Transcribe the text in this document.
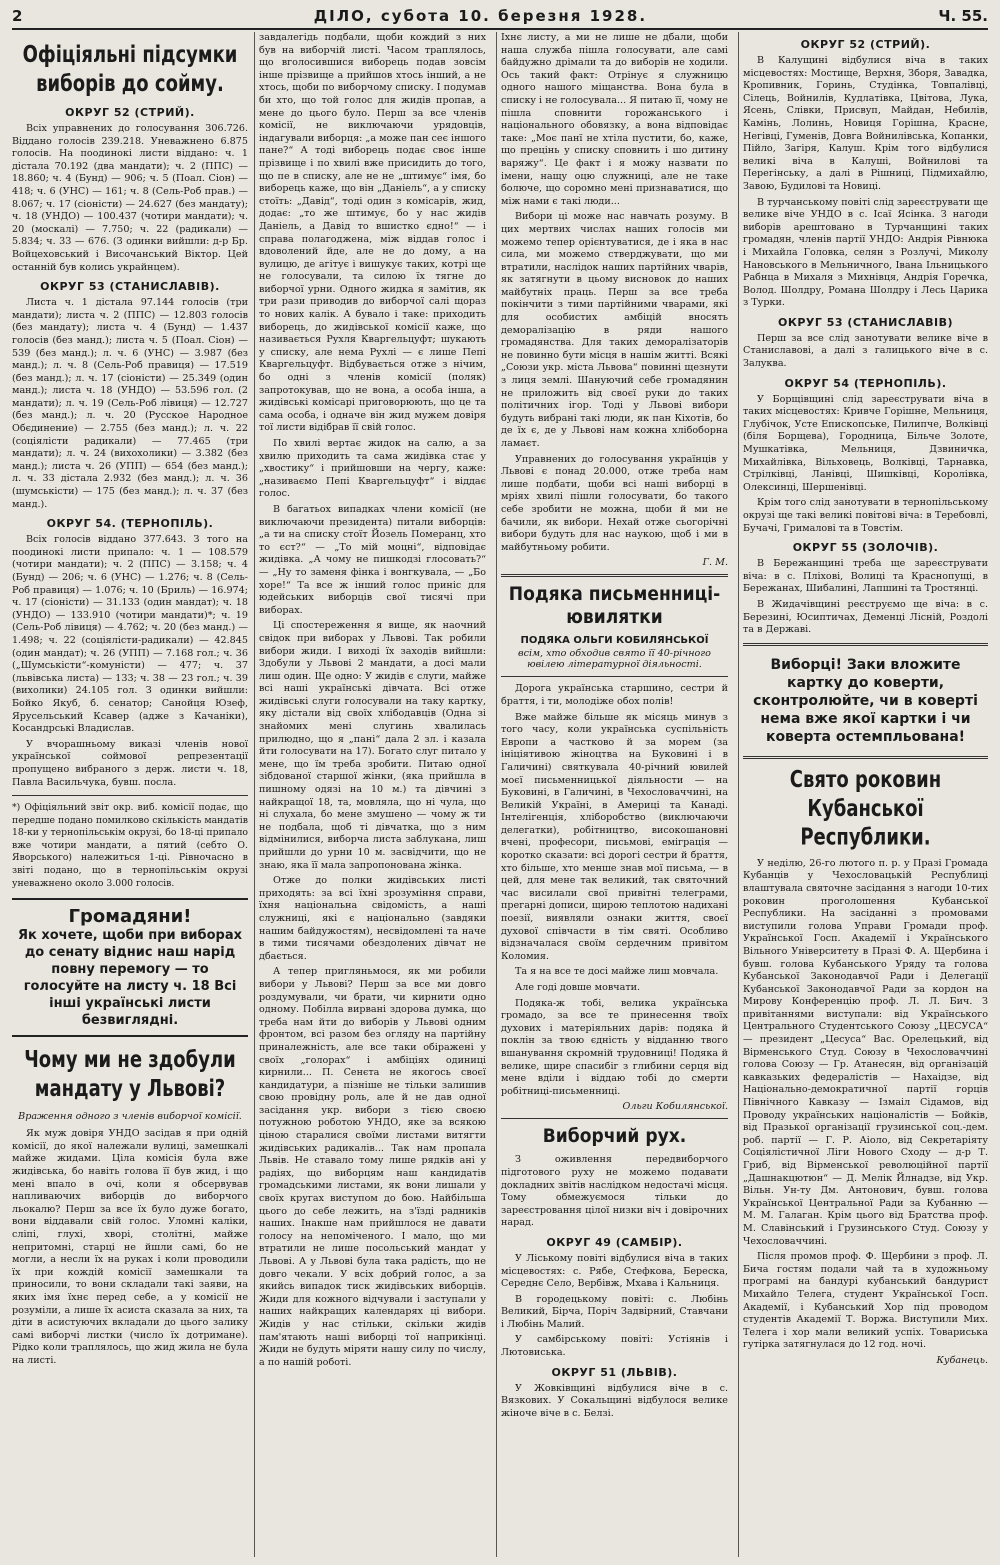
2	ДІЛО, субота 10. березня 1928.	Ч. 55.
Офіціяльні підсумки виборів до сойму.
ОКРУГ 52 (СТРИЙ).

Всіх управнених до голосування 306.726. Віддано голосів 239.218. Уневажнено 6.875 голосів. На поодинокі листи віддано: ч. 1 дістала 70.192 (два мандати); ч. 2 (ППС) — 18.860; ч. 4 (Бунд) — 906; ч. 5 (Поал. Сіон) — 418; ч. 6 (УНС) — 161; ч. 8 (Сель-Роб прав.) — 8.067; ч. 17 (сіоністи) — 24.627 (без мандату); ч. 18 (УНДО) — 100.437 (чотири мандати); ч. 20 (москалі) — 7.750; ч. 22 (радикали) — 5.834; ч. 33 — 676. (З одинки вийшли: д-р Бр. Войцеховський і Височанський Віктор. Цей останній був колись украйнцем).

ОКРУГ 53 (СТАНИСЛАВІВ).

Листа ч. 1 дістала 97.144 голосів (три мандати); листа ч. 2 (ППС) — 12.803 голосів (без мандату); листа ч. 4 (Бунд) — 1.437 голосів (без манд.); листа ч. 5 (Поал. Сіон) — 539 (без манд.); л. ч. 6 (УНС) — 3.987 (без манд.); л. ч. 8 (Сель-Роб правиця) — 17.519 (без манд.); л. ч. 17 (сіоністи) — 25.349 (один манд.); листа ч. 18 (УНДО) — 53.596 гол. (2 мандати); л. ч. 19 (Сель-Роб лівиця) — 12.727 (без манд.); л. ч. 20 (Русское Народное Обєдинение) — 2.755 (без манд.); л. ч. 22 (соціялісти радикали) — 77.465 (три мандати); л. ч. 24 (вихохолики) — 3.382 (без манд.); листа ч. 26 (УПП) — 654 (без манд.); л. ч. 33 дістала 2.932 (без манд.); л. ч. 36 (шумськісти) — 175 (без манд.); л. ч. 37 (без манд.).

ОКРУГ 54. (ТЕРНОПІЛЬ).

Всіх голосів віддано 377.643. З того на поодинокі листи припало: ч. 1 — 108.579 (чотири мандати); ч. 2 (ППС) — 3.158; ч. 4 (Бунд) — 206; ч. 6 (УНС) — 1.276; ч. 8 (Сель-Роб правиця) — 1.076; ч. 10 (Бриль) — 16.974; ч. 17 (сіоністи) — 31.133 (один мандат); ч. 18 (УНДО) — 133.910 (чотири мандати)*; ч. 19 (Сель-Роб лівиця) — 4.762; ч. 20 (без манд.) — 1.498; ч. 22 (соціялісти-радикали) — 42.845 (один мандат); ч. 26 (УПП) — 7.168 гол.; ч. 36 („Шумськісти“-комуністи) — 477; ч. 37 (львівська листа) — 133; ч. 38 — 23 гол.; ч. 39 (вихолики) 24.105 гол. З одинки вийшли: Бойко Якуб, б. сенатор; Санойця Юзеф, Ярусельський Ксавер (адже з Качаніки), Косандрські Владислав.

У вчорашньому виказі членів нової української соймової репрезентації пропущено вибраного з держ. листи ч. 18, Павла Васильчука, бувш. посла.

*) Офіціяльний звіт окр. виб. комісії подає, що передше подано помилково скількість мандатів 18-ки у тернопільськім окрузі, бо 18-ці припало вже чотири мандати, а пятий (себто О. Яворського) належиться 1-ці. Рівночасно в звіті подано, що в тернопільськім окрузі уневажнено около 3.000 голосів.

Громадяни!
Як хочете, щоби при виборах до сенату віднис наш нарід повну перемогу — то голосуйте на листу ч. 18 Всі інші українські листи безвиглядні.
Чому ми не здобули мандату у Львові?
Враження одного з членів виборчої комісії.

Як муж довіря УНДО засідав я при одній комісії, до якої належали вулиці, замешкалі майже жидами. Ціла комісія була вже жидівська, бо навіть голова її був жид, і що мені впало в очі, коли я обсервував напливаючих виборців до виборчого льокалю? Перш за все їх було дуже богато, вони віддавали свій голос. Уломні каліки, сліпі, глухі, хворі, столітні, майже непритомні, старці не йшли самі, бо не могли, а несли їх на руках і коли проводили їх при кождій комісії замешкали та приносили, то вони складали такі заяви, на яких імя їхнє перед себе, а у комісії не розуміли, а лише їх асиста сказала за них, та діти в асистуючих вкладали до цього залику самі виборчі листки (число їх дотримане). Рідко коли траплялось, що жид жила не була на листі.

завдалегідь подбали, щоби кождий з них був на виборчій листі. Часом траплялось, що вголосившися виборець подав зовсім інше прізвище а прийшов хтось інший, а не хтось, щоби по виборчому списку. І подумав би хто, що той голос для жидів пропав, а мене до цього було. Перш за все членів комісії, не виключаючи урядовців, індагували виборця: „а може пан сеє іншого пане?“ А тоді виборець подає своє інше прізвище і по хвилі вже присидить до того, що пе в списку, але не не „штимує“ імя, бо виборець каже, що він „Даніель“, а у спискy стоїть: „Давід“, тоді один з комісарів, жид, додає: „то же штимує, бо у нас жидів Даніель, а Давід то вшистко єдно!“ — і справа полагоджена, між віддав голос і вдоволений йде, але не до дому, а на вулицю, де агітує і вишукує таких, котрі ще не голосували, та силою їх тягне до виборчої урни. Одного жидка я замітив, як три рази приводив до виборчої салі щораз то нових калік. А бувало і таке: приходить виборець, до жидівської комісії каже, що називається Рухля Кваргельцуфт; шукають у списку, але нема Рухлі — є лише Пепі Кваргельцуфт. Відбувається отже з нічим, бо одні з членів комісії (поляк) запротокував, що не вона, а особа інша, а жидівські комісарі приговорюють, що це та сама особа, і одначе він жид мужем довіря тої листи відібрав її свій голос.

По хвилі вертає жидок на салю, а за хвилю приходить та сама жидівка стає у „хвостику“ і прийшовши на чергу, каже: „називаємо Пепі Кваргельцуфт“ і віддає голос.

В багатьох випадках члени комісії (не виключаючи президента) питали виборців: „а ти на спискy стоїт Йозель Померанц, хто то єст?“ — „То мій моцні“, відповідає жидівка. „А чому не пишкодзі глосовать?“ — „Ну то заменя фінка і вонгкувала, — „Бо хоре!“ Та все ж інший голос приніс для юдейських виборців свої тисячі при виборах.

Ці спостереження я вище, як наочний свідок при виборах у Львові. Так робили вибори жиди. І виході їх заходів вийшли: Здобули у Львові 2 мандати, а досі мали лиш один. Ще одно: У жидів є слуги, майже всі наші українські дівчата. Всі отже жидівські слуги голосували на таку картку, яку дістали від своїх хлібодавців (Одна зі знайомих мені слугинь хвалилась прилюдно, що я „пані“ дала 2 зл. і казала йти голосувати на 17). Богато слуг питало у мене, що їм треба зробити. Питаю одної зібдованої старшої жінки, (яка прийшла в пишному одязі на 10 м.) та дівчині з найкращої 18, та, мовляла, що ні чула, що ні слухала, бо мене змушено — чому ж ти не подбала, щоб ті дівчатка, що з ним відмінилися, виборча листа заблукана, лиш прийшли до урни 10 м. засвідчити, що не знаю, яка її мала запропонована жінка.

Отже до полки жидівських листі приходять: за всі їхні зрозуміння справи, їхня національна свідомість, а наші служниці, які є національно (завдяки нашим байдужостям), несвідомлені та наче в тими тисячами обездолених дівчат не дбається.

А тепер пригляньмося, як ми робили вибори у Львові? Перш за все ми довго роздумували, чи брати, чи кирнити одно одному. Побілла вирвані здорова думка, що треба нам йти до виборів у Львові одним фронтом, всі разом без огляду на партійну приналежність, але все таки обіражені у своїх „голорах“ і амбіціях одиниці кирнили... П. Сенєта не якогось своєї кандидатури, а пізніше не тільки залишив свою провідну роль, але й не дав одної засідання укр. вибори з тією своєю потужною роботою УНДО, яке за всякою ціною старалися своїми листами витягти жидівських радикалів... Так нам пропала Львів. Не ставало тому лише рядків ані у радіях, що виборцям наш кандидатів громадськими листами, як вони лишали у своїх кругах виступом до бою. Найбільша цього до себе лежить, на з'їзді радників наших. Інакше нам прийшлося не давати голосу на непоміченого. І мало, що ми втратили не лише посольський мандат у Львові. А у Львові була така радість, що не довго чекали. У всіх добрий голос, а за якийсь випадок тиск жидівських виборців. Жиди для кожного відчували і заступали у наших найкращих календарях ці вибори. Жидів у нас стільки, скільки жидів пам'ятають наші виборці тої наприкінці. Жиди не будуть міряти нашу силу по числу, а по нашій роботі.

Іхнє листу, а ми не лише не дбали, щоби наша служба пішла голосувати, але самі байдужно дрімали та до виборів не ходили. Ось такий факт: Отрінує я служницю одного нашого міщанства. Вона була в спискy і не голосувала... Я питаю її, чому не пішла сповнити горожанського і національного обовязку, а вона відповідає таке: „Моє панї не хтіла пустити, бо, каже, що прецінь у спискy сповнить і шо дитину варяжу“. Це факт і я можу назвати по імени, нащу оцю служниці, але не таке болюче, що соромно мені признаватися, що між нами є такі люди...

Вибори ці може нас навчать розуму. В цих мертвих числах наших голосів ми можемо тепер орієнтуватися, де і яка в нас сила, ми можемо стверджувати, що ми втратили, наслідок наших партійних чварів, як затягнути в цьому висновок до наших майбутніх праць. Перш за все треба покінчити з тими партійними чварами, які для особистих амбіцій вносять деморалізацію в ряди нашого громадянства. Для таких деморалізаторів не повинно бути місця в нашім житті. Всякі „Союзи укр. міста Львова“ повинні щезнути з лиця землі. Шануючий себе громадянин не приложить від своєї руки до таких політичних ігор. Тоді у Львові вибори будуть вибрані такі люди, як пан Кіхотів, бо де їх є, де у Львові нам кожна хлібоборна ламаєт.

Управнених до голосування українців у Львові є понад 20.000, отже треба нам лише подбати, щоби всі наші виборці в мріях хвилі пішли голосувати, бо такого себе зробити не можна, щоби й ми не бачили, як вибори. Нехай отже сьогорічні вибори будуть для нас наукою, щоб і ми в майбутньому робити.

Г. М.
Подяка письменниці-ювилятки
ПОДЯКА ОЛЬГИ КОБИЛЯНСЬКОЇ
всім, хто обходив свято її 40-річного ювілею літературної діяльності.

Дорога українська старшино, сестри й браття, і ти, молодіже обох полів!

Вже майже більше як місяць минув з того часу, коли українська суспільність Европи а частково й за морем (за ініціятивою жіноцтва на Буковині і в Галичині) святкувала 40-річний ювилей моєї письменницької діяльности — на Буковині, в Галичині, в Чехословаччині, на Великій Україні, в Америці та Канаді. Інтелігенція, хліборобство (виключаючи делегатки), робітництво, високошановні вчені, професори, письмові, еміграція — коротко сказати: всі дорогі сестри й браття, хто більше, хто менше знав мої письма, — в цей, для мене так великий, так святочний час висилали свої привітні телеграми, прегарні дописи, щирою теплотою надихані поезії, виявляли ознаки життя, своєї духової співчасти в тім святі. Особливо відзначалася своїм сердечним привітом Коломия.

Та я на все те досі майже лиш мовчала.

Але годі довше мовчати.

Подяка-ж тобі, велика українська громадо, за все те принесення твоїх духових і матеріяльних дарів: подяка й поклін за твою єдність у відданню твого вшанування скромній трудовниці! Подяка й велике, щире спасибіг з глибини серця від мене вділи і віддаю тобі до смерти робітниці-письменниці.

Ольги Кобилянської.
Виборчий рух.

З оживлення передвиборчого підготового руху не можемо подавати докладних звітів наслідком недостачі місця. Тому обмежуємося тільки до зареєстровання цілої низки віч і довірочних нарад.

ОКРУГ 49 (САМБІР).

У Ліському повіті відбулися віча в таких місцевостях: с. Рябе, Стефкова, Береска, Середнє Село, Вербівж, Мхава і Кальниця.

В городецькому повіті: с. Любінь Великий, Бірча, Поріч Задвірний, Ставчани і Любінь Малий.

У самбірському повіті: Устіянів і Лютовиська.

ОКРУГ 51 (ЛЬВІВ).

У Жовківщині відбулися віче в с. Вязкових. У Сокальщині відбулося велике жіноче віче в с. Белзі.

ОКРУГ 52 (СТРИЙ).

В Калущині відбулися віча в таких місцевостях: Мостище, Верхня, Зборя, Завадка, Кропивник, Горинь, Студінка, Товпалівці, Сілець, Войнилів, Кудлатівка, Цвітова, Лука, Ясень, Слівки, Присвуп, Майдан, Небилів, Камінь, Лолинь, Новиця Горішна, Красне, Негівці, Гуменів, Довга Войнилівська, Копанки, Пійло, Загіря, Калуш. Крім того відбулися великі віча в Калуші, Войнилові та Перегінську, а далі в Рішниці, Підмихайлю, Завою, Будилові та Новиці.

В турчанському повіті слід зареєструвати ще велике віче УНДО в с. Ісаї Ясінка. З нагоди виборів арештовано в Турчанщині таких громадян, членів партії УНДО: Андрія Рівнюка і Михайла Головка, селян з Розлучі, Миколу Нановського в Мельничного, Івана Ільницького Рабнца в Михаля з Михнівця, Андрія Горечка, Волод. Шолдру, Романа Шолдру і Лесь Царика з Турки.

ОКРУГ 53 (СТАНИСЛАВІВ)

Перш за все слід занотувати велике віче в Станиславові, а далі з галицького віче в с. Залуква.

ОКРУГ 54 (ТЕРНОПІЛЬ).

У Борщівщині слід зареєструвати віча в таких місцевостях: Кривче Горішне, Мельниця, Глубічок, Усте Епископське, Пилипче, Волківці (біля Борщева), Городница, Більче Золоте, Мушкатівка, Мельниця, Дзвиничка, Михайлівка, Вільховець, Волківці, Тарнавка, Стрілківці, Ланівці, Шишківці, Королівка, Олексинці, Шершенівці.

Крім того слід занотувати в тернопільському окрузі ще такі великі повітові віча: в Теребовлі, Бучачі, Грималові та в Товстім.

ОКРУГ 55 (ЗОЛОЧІВ).

В Бережанщині треба ще зареєструвати віча: в с. Пліхові, Волиці та Краснопущі, в Бережанах, Шибалині, Лапшині та Тростянці.

В Жидачівщині реєструємо ще віча: в с. Березині, Юсиптичах, Деменці Лісній, Роздолі та в Державі.

Виборці! Заки вложите картку до коверти, сконтролюйте, чи в коверті нема вже якої картки і чи коверта остемпльована!
Свято роковин Кубанської Республики.

У неділю, 26-го лютого п. р. у Празі Громада Кубанців у Чехословацькій Республиці влаштувала святочне засідання з нагоди 10-тих роковин проголошення Кубанської Республики. На засіданні з промовами виступили голова Управи Громади проф. Української Госп. Академії і Українського Вільного Університету в Празі Ф. А. Щербина і бувш. голова Кубанського Уряду та голова Кубанської Законодавчої Ради і Делегації Кубанської Законодавчої Ради за кордон на Мирову Конференцію проф. Л. Л. Бич. З привітаннями виступали: від Українського Центрального Студентського Союзу „ЦЕСУСА“ — президент „Цесуса“ Вас. Орелецький, від Вірменського Студ. Союзу в Чехословаччині голова Союзу — Гр. Атанесян, від організацій кавказьких федералістів — Нахаідзе, від Національно-демократичної партії горців Північного Кавказу — Ізмаіл Сідамов, від Проводу українських націоналістів — Бойків, від Празької організації грузинської соц.-дем. роб. партії — Г. Р. Аіоло, від Секретаріяту Соціялістичної Ліги Нового Сходу — д-р Т. Гриб, від Вірменської революційної партії „Дашнакцютюн“ — Д. Мелік Йлнадзе, від Укр. Вільн. Ун-ту Дм. Антонович, бувш. голова Української Центральної Ради за Кубанню — М. М. Галаган. Крім цього від Братства проф. М. Славінський і Грузинського Студ. Союзу у Чехословаччині.

Після промов проф. Ф. Щербини з проф. Л. Бича гостям подали чай та в художньому програмі на бандурі кубанський бандурист Михайло Телега, студент Української Госп. Академії, і Кубанський Хор під проводом студентів Академії Т. Воржа. Виступили Мих. Телега і хор мали великий успіх. Товариська гутірка затягнулася до 12 год. ночі.

Кубанець.
